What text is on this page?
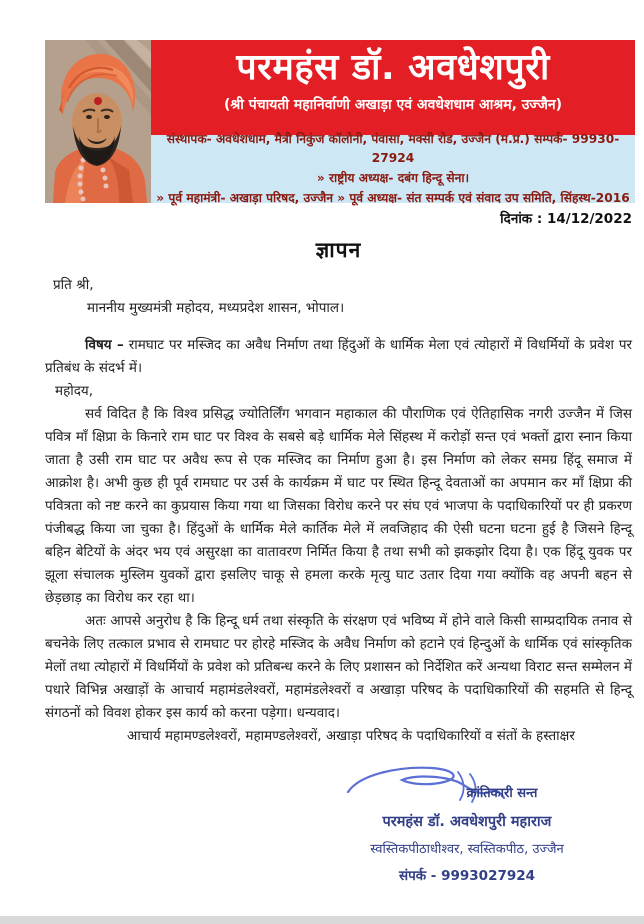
परमहंस डॉ. अवधेशपुरी
(श्री पंचायती महानिर्वाणी अखाड़ा एवं अवधेशधाम आश्रम, उज्जैन)
संस्थापक- अवधेशधाम, मैत्री निकुंज कॉलोनी, पंवासा, मक्सी रोड, उज्जैन (म.प्र.) सम्पर्क- 99930-27924
» राष्ट्रीय अध्यक्ष- दबंग हिन्दू सेना।
» पूर्व महामंत्री- अखाड़ा परिषद, उज्जैन » पूर्व अध्यक्ष- संत सम्पर्क एवं संवाद उप समिति, सिंहस्थ-2016
दिनांक : 14/12/2022
ज्ञापन
प्रति श्री,
माननीय मुख्यमंत्री महोदय, मध्यप्रदेश शासन, भोपाल।
विषय – रामघाट पर मस्जिद का अवैध निर्माण तथा हिंदुओं के धार्मिक मेला एवं त्योहारों में विधर्मियों के प्रवेश पर प्रतिबंध के संदर्भ में।
महोदय,

सर्व विदित है कि विश्व प्रसिद्ध ज्योतिर्लिंग भगवान महाकाल की पौराणिक एवं ऐतिहासिक नगरी उज्जैन में जिस पवित्र माँ क्षिप्रा के किनारे राम घाट पर विश्व के सबसे बड़े धार्मिक मेले सिंहस्थ में करोड़ों सन्त एवं भक्तों द्वारा स्नान किया जाता है उसी राम घाट पर अवैध रूप से एक मस्जिद का निर्माण हुआ है। इस निर्माण को लेकर समग्र हिंदू समाज में आक्रोश है। अभी कुछ ही पूर्व रामघाट पर उर्स के कार्यक्रम में घाट पर स्थित हिन्दू देवताओं का अपमान कर माँ क्षिप्रा की पवित्रता को नष्ट करने का कुप्रयास किया गया था जिसका विरोध करने पर संघ एवं भाजपा के पदाधिकारियों पर ही प्रकरण पंजीबद्ध किया जा चुका है। हिंदुओं के धार्मिक मेले कार्तिक मेले में लवजिहाद की ऐसी घटना घटना हुई है जिसने हिन्दू बहिन बेटियों के अंदर भय एवं असुरक्षा का वातावरण निर्मित किया है तथा सभी को झकझोर दिया है। एक हिंदू युवक पर झूला संचालक मुस्लिम युवकों द्वारा इसलिए चाकू से हमला करके मृत्यु घाट उतार दिया गया क्योंकि वह अपनी बहन से छेड़छाड़ का विरोध कर रहा था।

अतः आपसे अनुरोध है कि हिन्दू धर्म तथा संस्कृति के संरक्षण एवं भविष्य में होने वाले किसी साम्प्रदायिक तनाव से बचनेके लिए तत्काल प्रभाव से रामघाट पर होरहे मस्जिद के अवैध निर्माण को हटाने एवं हिन्दुओं के धार्मिक एवं सांस्कृतिक मेलों तथा त्योहारों में विधर्मियों के प्रवेश को प्रतिबन्ध करने के लिए प्रशासन को निर्देशित करें अन्यथा विराट सन्त सम्मेलन में पधारे विभिन्न अखाड़ों के आचार्य महामंडलेश्वरों, महामंडलेश्वरों व अखाड़ा परिषद के पदाधिकारियों की सहमति से हिन्दू संगठनों को विवश होकर इस कार्य को करना पड़ेगा। धन्यवाद।

आचार्य महामण्डलेश्वरों, महामण्डलेश्वरों, अखाड़ा परिषद के पदाधिकारियों व संतों के हस्ताक्षर

क्रांतिकारी सन्त
परमहंस डॉ. अवधेशपुरी महाराज
स्वस्तिकपीठाधीश्वर, स्वस्तिकपीठ, उज्जैन
संपर्क - 9993027924
